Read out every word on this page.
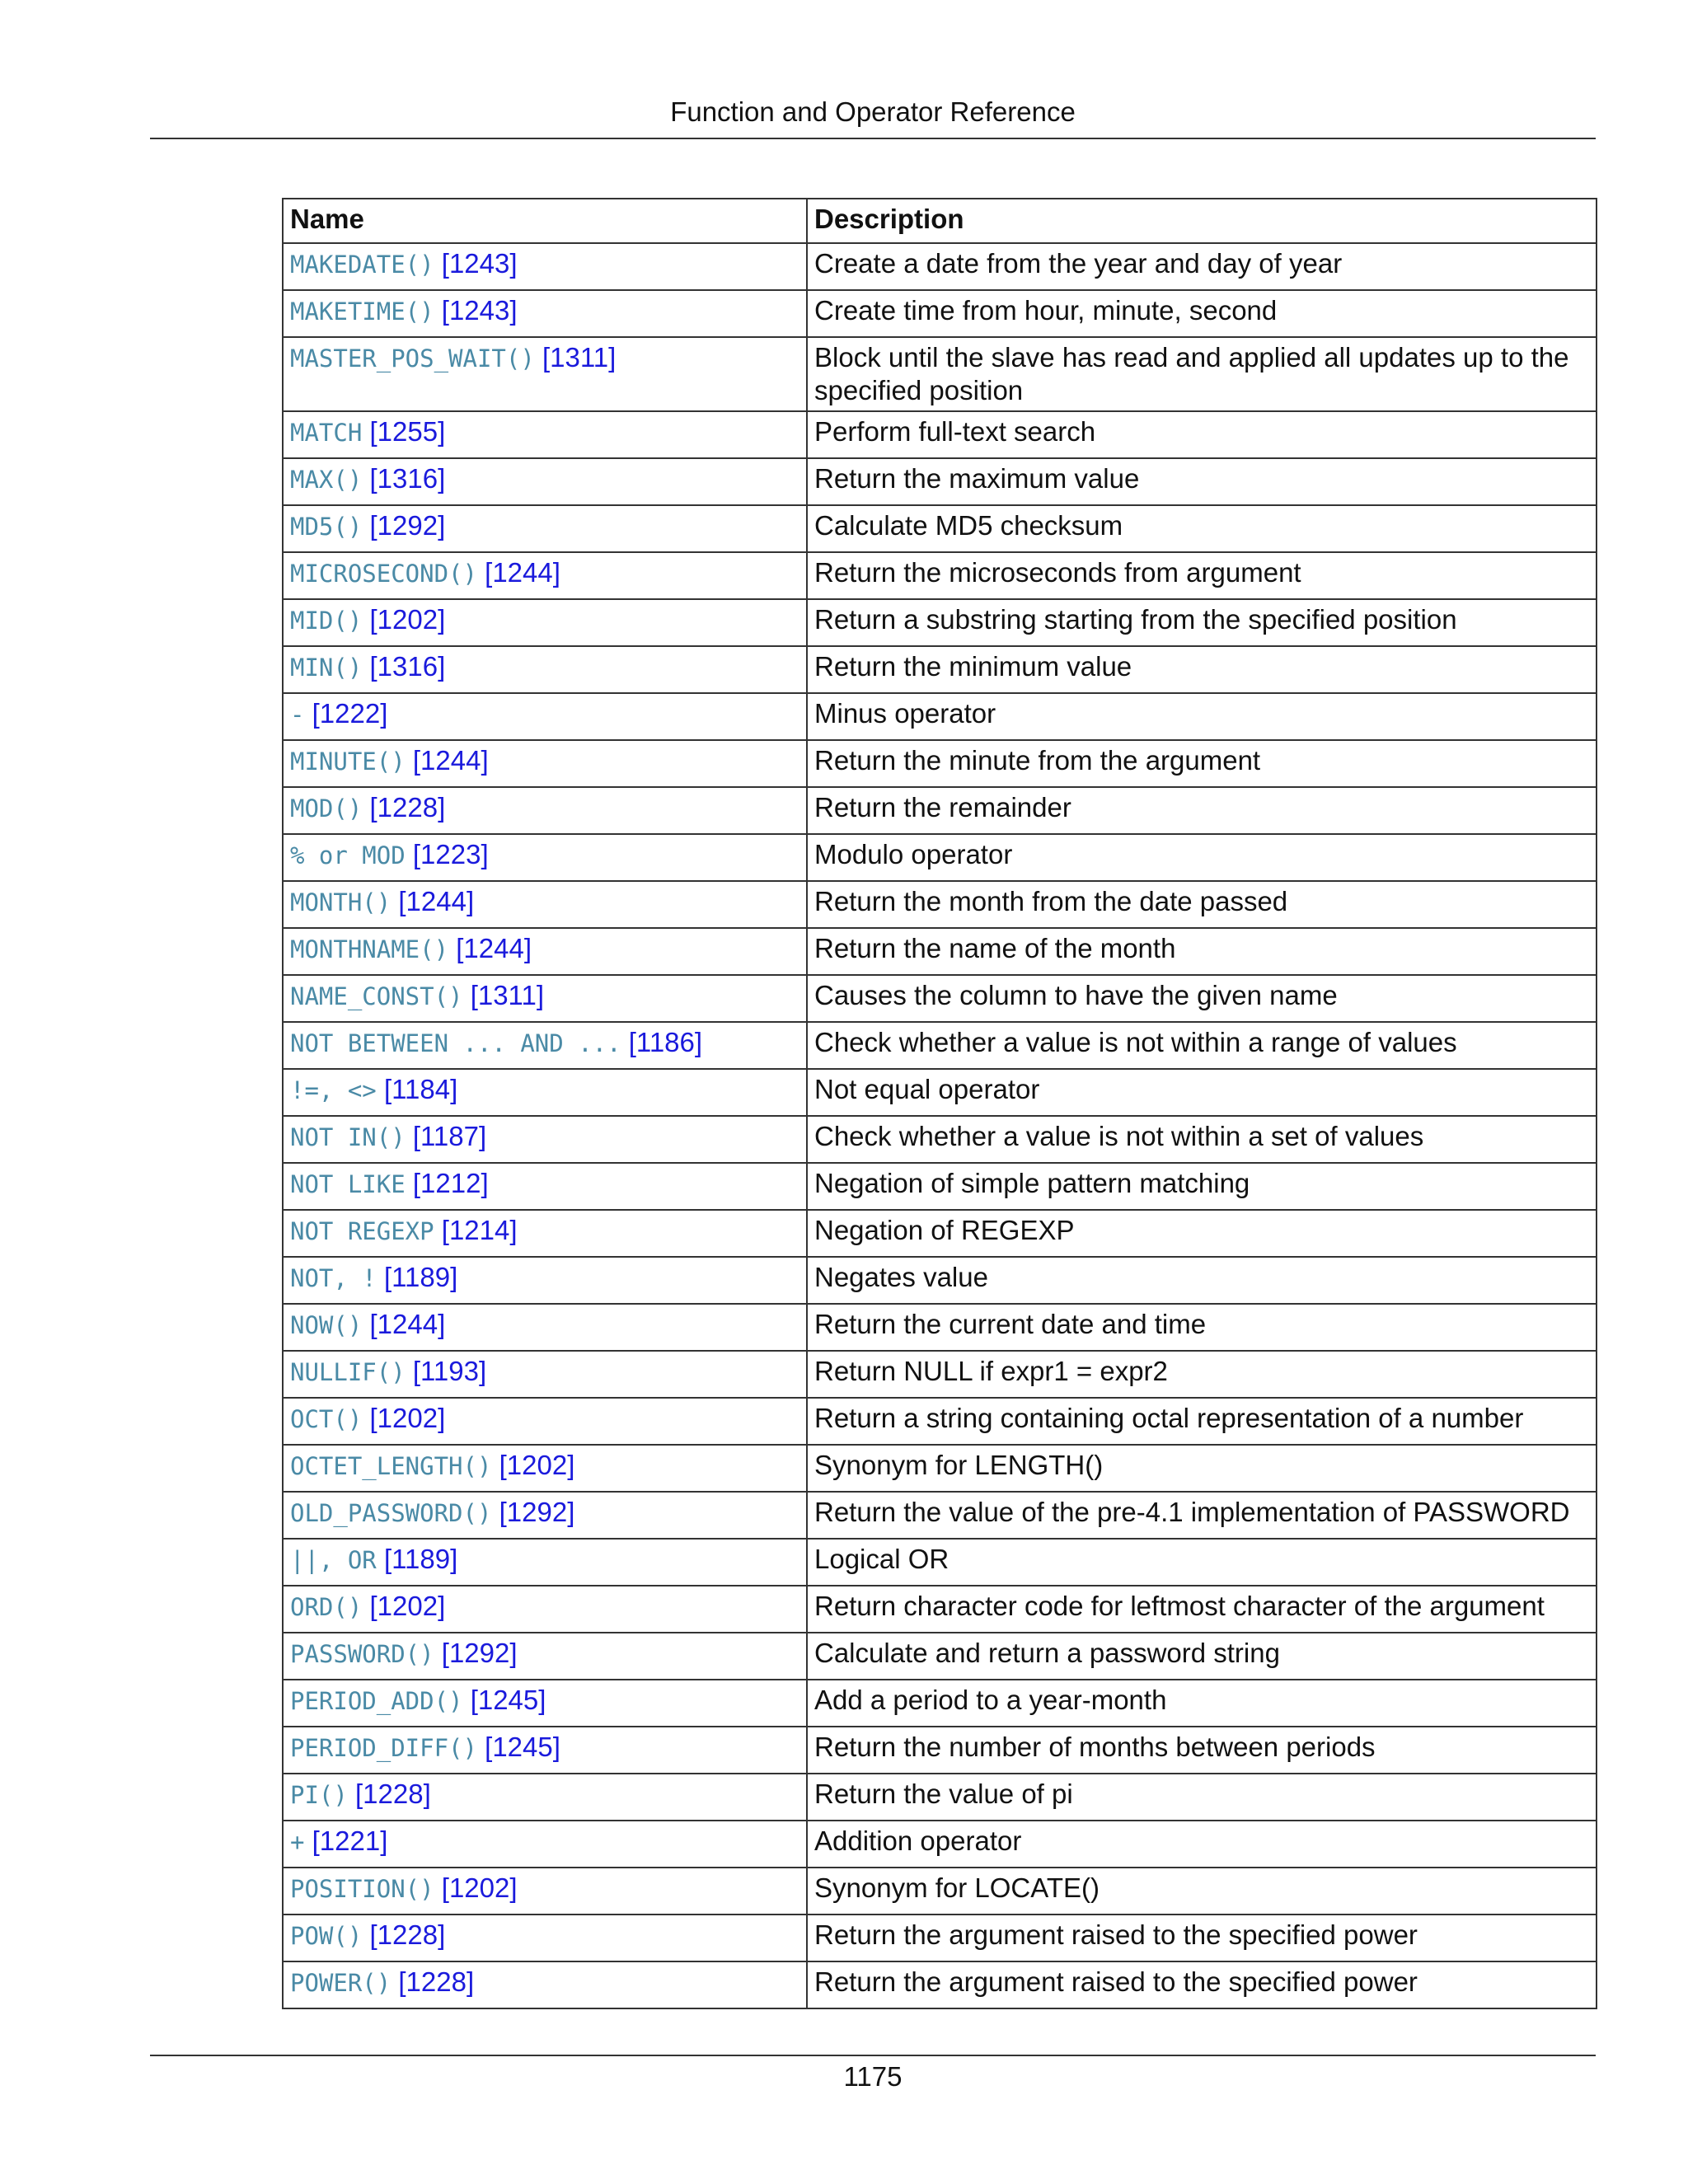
Function and Operator Reference
Name	Description
MAKEDATE() [1243]	Create a date from the year and day of year
MAKETIME() [1243]	Create time from hour, minute, second
MASTER_POS_WAIT() [1311]	Block until the slave has read and applied all updates up to the specified position
MATCH [1255]	Perform full-text search
MAX() [1316]	Return the maximum value
MD5() [1292]	Calculate MD5 checksum
MICROSECOND() [1244]	Return the microseconds from argument
MID() [1202]	Return a substring starting from the specified position
MIN() [1316]	Return the minimum value
- [1222]	Minus operator
MINUTE() [1244]	Return the minute from the argument
MOD() [1228]	Return the remainder
% or MOD [1223]	Modulo operator
MONTH() [1244]	Return the month from the date passed
MONTHNAME() [1244]	Return the name of the month
NAME_CONST() [1311]	Causes the column to have the given name
NOT BETWEEN ... AND ... [1186]	Check whether a value is not within a range of values
!=, <> [1184]	Not equal operator
NOT IN() [1187]	Check whether a value is not within a set of values
NOT LIKE [1212]	Negation of simple pattern matching
NOT REGEXP [1214]	Negation of REGEXP
NOT, ! [1189]	Negates value
NOW() [1244]	Return the current date and time
NULLIF() [1193]	Return NULL if expr1 = expr2
OCT() [1202]	Return a string containing octal representation of a number
OCTET_LENGTH() [1202]	Synonym for LENGTH()
OLD_PASSWORD() [1292]	Return the value of the pre-4.1 implementation of PASSWORD
||, OR [1189]	Logical OR
ORD() [1202]	Return character code for leftmost character of the argument
PASSWORD() [1292]	Calculate and return a password string
PERIOD_ADD() [1245]	Add a period to a year-month
PERIOD_DIFF() [1245]	Return the number of months between periods
PI() [1228]	Return the value of pi
+ [1221]	Addition operator
POSITION() [1202]	Synonym for LOCATE()
POW() [1228]	Return the argument raised to the specified power
POWER() [1228]	Return the argument raised to the specified power
1175
